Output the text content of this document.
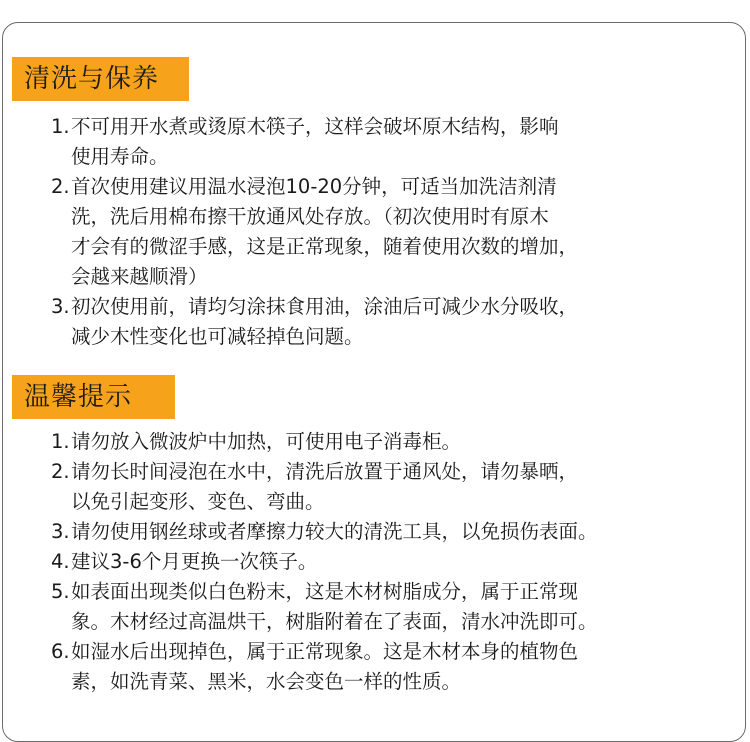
清洗与保养
1. 不可用开水煮或烫原木筷子，这样会破坏原木结构，影响
使用寿命。
2. 首次使用建议用温水浸泡10-20分钟，可适当加洗洁剂清
洗，洗后用棉布擦干放通风处存放。（初次使用时有原木
才会有的微涩手感，这是正常现象，随着使用次数的增加，
会越来越顺滑）
3. 初次使用前，请均匀涂抹食用油，涂油后可减少水分吸收，
减少木性变化也可减轻掉色问题。
温馨提示
1. 请勿放入微波炉中加热，可使用电子消毒柜。
2. 请勿长时间浸泡在水中，清洗后放置于通风处，请勿暴晒，
以免引起变形、变色、弯曲。
3. 请勿使用钢丝球或者摩擦力较大的清洗工具，以免损伤表面。
4. 建议3-6个月更换一次筷子。
5. 如表面出现类似白色粉末，这是木材树脂成分，属于正常现
象。木材经过高温烘干，树脂附着在了表面，清水冲洗即可。
6. 如湿水后出现掉色，属于正常现象。这是木材本身的植物色
素，如洗青菜、黑米，水会变色一样的性质。
